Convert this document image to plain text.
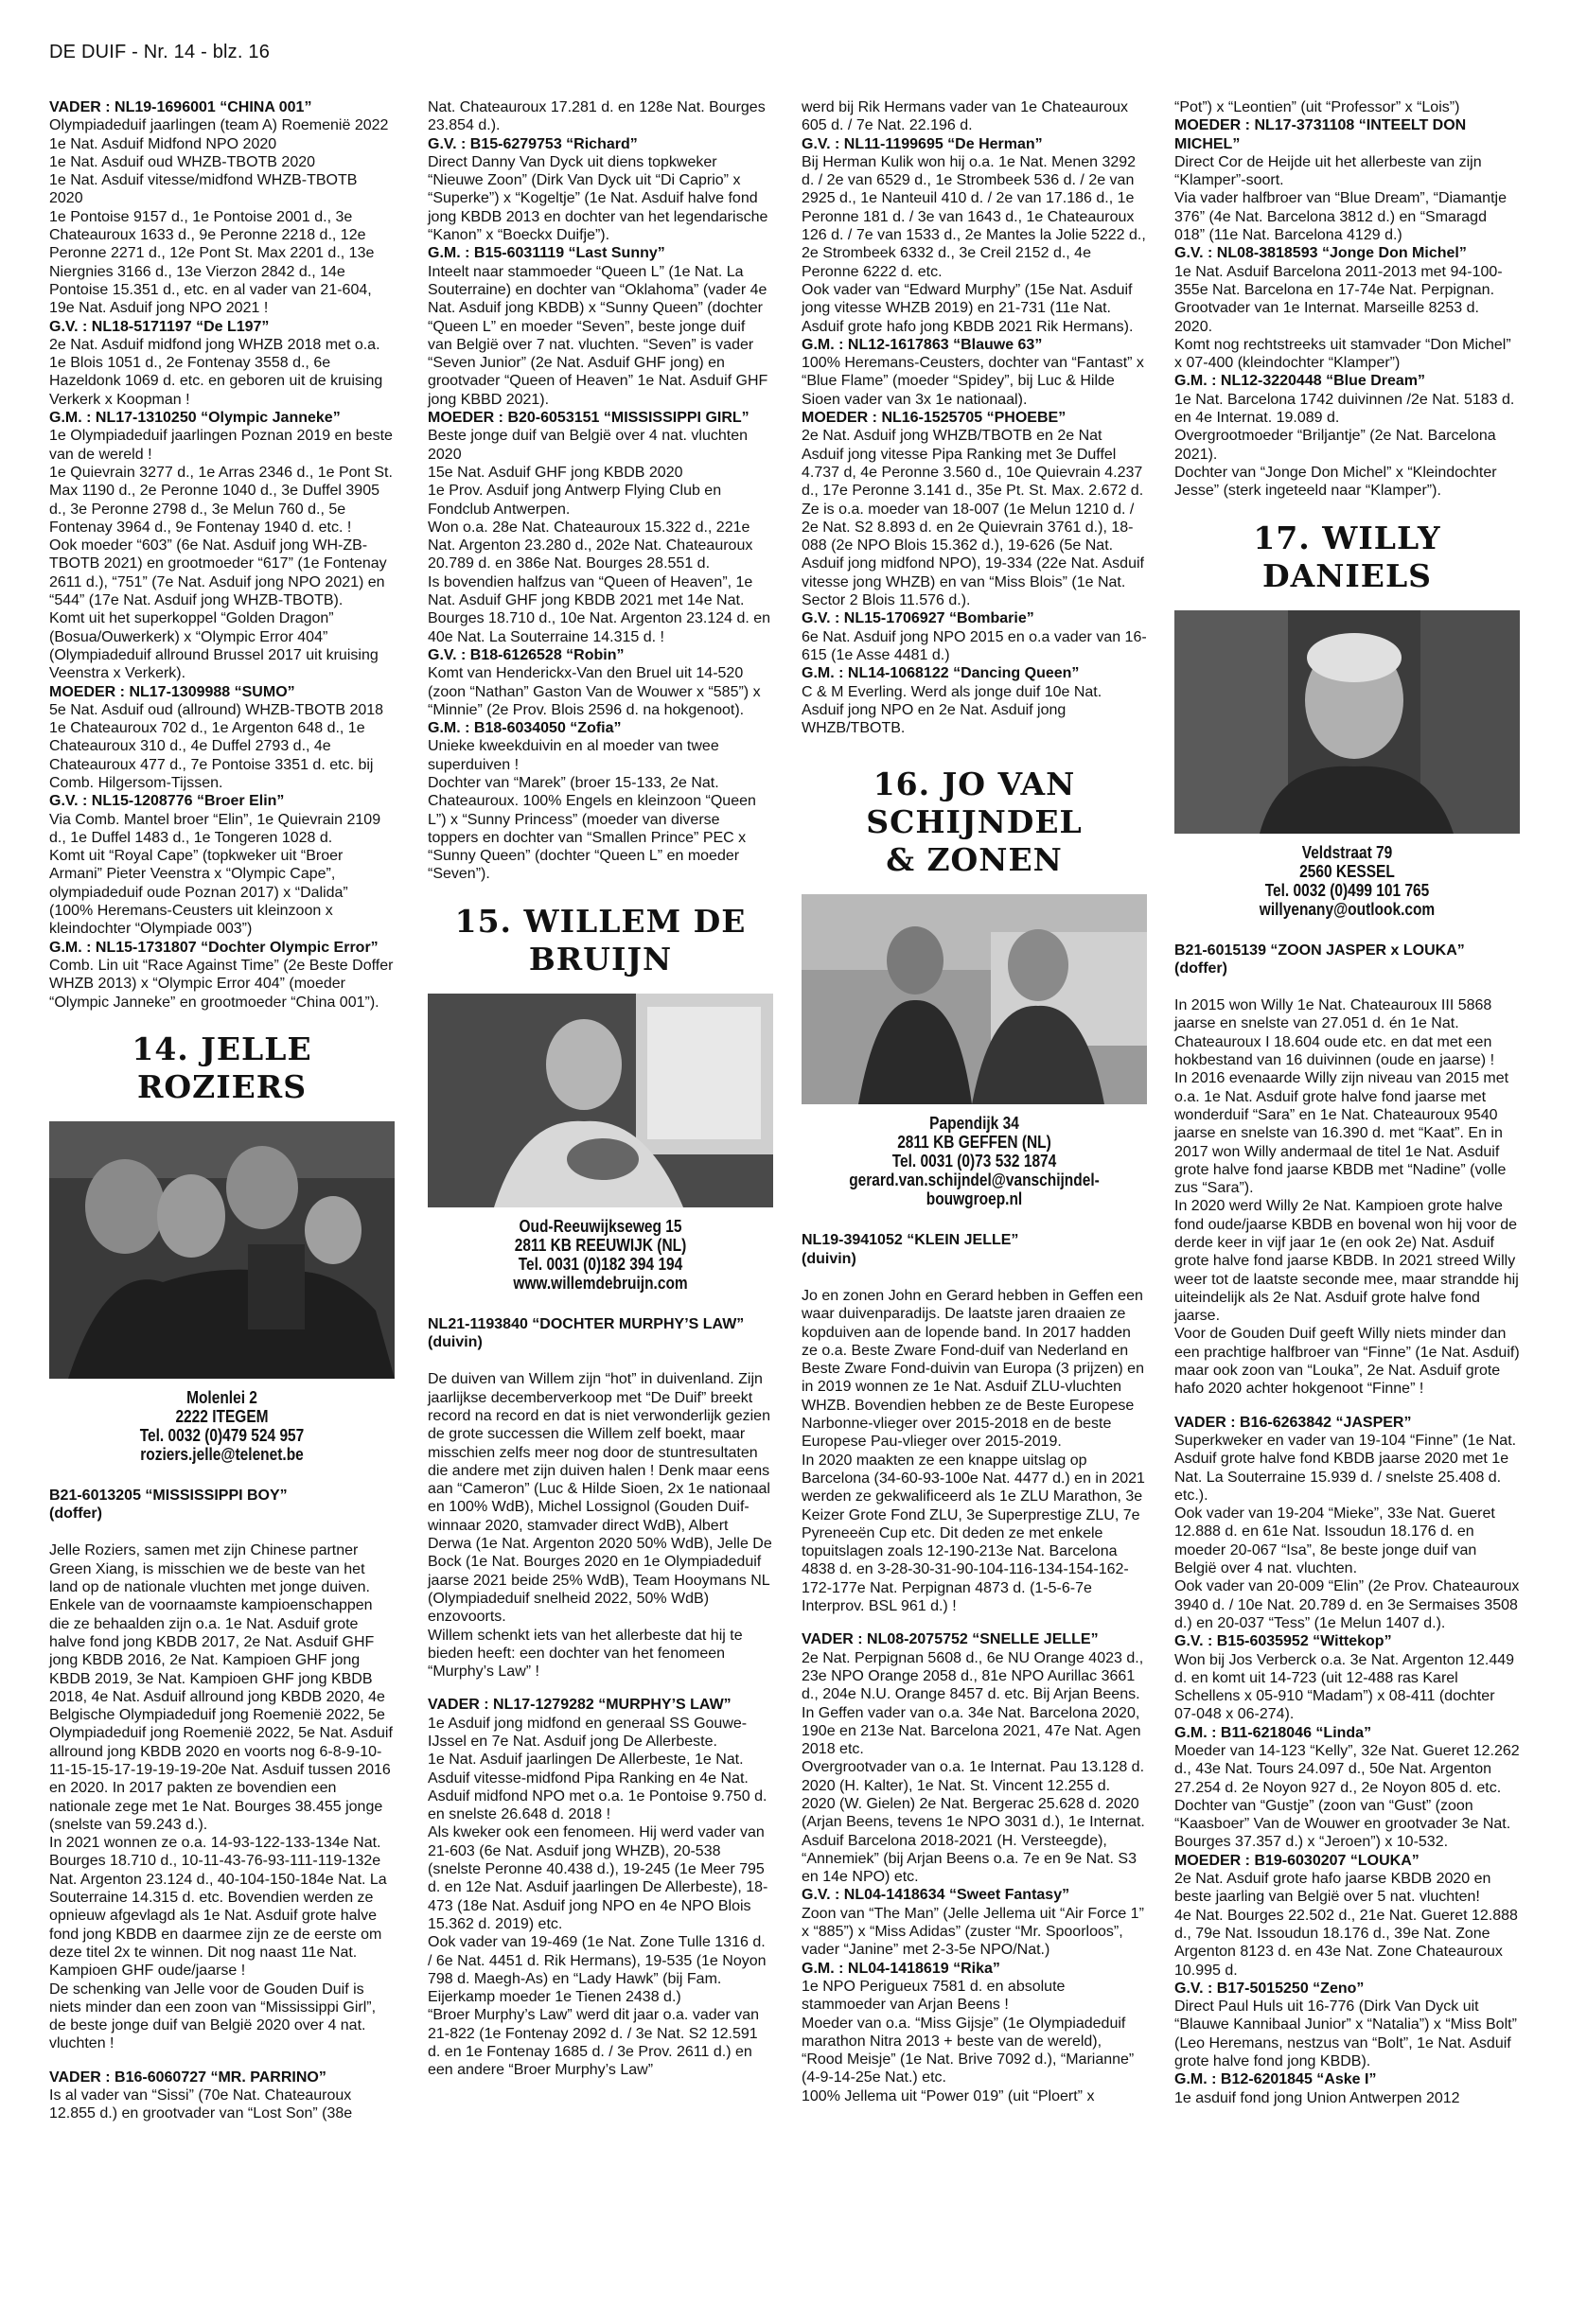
DE DUIF - Nr. 14 - blz. 16

VADER : NL19-1696001 “CHINA 001”

Olympiadeduif jaarlingen (team A) Roemenië 2022
1e Nat. Asduif Midfond NPO 2020
1e Nat. Asduif oud WHZB-TBOTB 2020
1e Nat. Asduif vitesse/midfond WHZB-TBOTB 2020
1e Pontoise 9157 d., 1e Pontoise 2001 d., 3e Chateauroux 1633 d., 9e Peronne 2218 d., 12e Peronne 2271 d., 12e Pont St. Max 2201 d., 13e Niergnies 3166 d., 13e Vierzon 2842 d., 14e Pontoise 15.351 d., etc. en al vader van 21-604, 19e Nat. Asduif jong NPO 2021 !

G.V. : NL18-5171197 “De L197”

2e Nat. Asduif midfond jong WHZB 2018 met o.a. 1e Blois 1051 d., 2e Fontenay 3558 d., 6e Hazeldonk 1069 d. etc. en geboren uit de kruising Verkerk x Koopman !

G.M. : NL17-1310250 “Olympic Janneke”

1e Olympiadeduif jaarlingen Poznan 2019 en beste van de wereld !
1e Quievrain 3277 d., 1e Arras 2346 d., 1e Pont St. Max 1190 d., 2e Peronne 1040 d., 3e Duffel 3905 d., 3e Peronne 2798 d., 3e Melun 760 d., 5e Fontenay 3964 d., 9e Fontenay 1940 d. etc. !
Ook moeder “603” (6e Nat. Asduif jong WH-ZB-TBOTB 2021) en grootmoeder “617” (1e Fontenay 2611 d.), “751” (7e Nat. Asduif jong NPO 2021) en “544” (17e Nat. Asduif jong WHZB-TBOTB).
Komt uit het superkoppel “Golden Dragon” (Bosua/Ouwerkerk) x “Olympic Error 404” (Olympiadeduif allround Brussel 2017 uit kruising Veenstra x Verkerk).

MOEDER : NL17-1309988 “SUMO”

5e Nat. Asduif oud (allround) WHZB-TBOTB 2018
1e Chateauroux 702 d., 1e Argenton 648 d., 1e Chateauroux 310 d., 4e Duffel 2793 d., 4e Chateauroux 477 d., 7e Pontoise 3351 d. etc. bij Comb. Hilgersom-Tijssen.

G.V. : NL15-1208776 “Broer Elin”

Via Comb. Mantel broer “Elin”, 1e Quievrain 2109 d., 1e Duffel 1483 d., 1e Tongeren 1028 d.
Komt uit “Royal Cape” (topkweker uit “Broer Armani” Pieter Veenstra x “Olympic Cape”, olympiadeduif oude Poznan 2017) x “Dalida” (100% Heremans-Ceusters uit kleinzoon x kleindochter “Olympiade 003”)

G.M. : NL15-1731807 “Dochter Olympic Error”

Comb. Lin uit “Race Against Time” (2e Beste Doffer WHZB 2013) x “Olympic Error 404” (moeder “Olympic Janneke” en grootmoeder “China 001”).

14. JELLE ROZIERS
Molenlei 2
2222 ITEGEM
Tel. 0032 (0)479 524 957
roziers.jelle@telenet.be

B21-6013205 “MISSISSIPPI BOY”

(doffer)

Jelle Roziers, samen met zijn Chinese partner Green Xiang, is misschien we de beste van het land op de nationale vluchten met jonge duiven. Enkele van de voornaamste kampioenschappen die ze behaalden zijn o.a. 1e Nat. Asduif grote halve fond jong KBDB 2017, 2e Nat. Asduif GHF jong KBDB 2016, 2e Nat. Kampioen GHF jong KBDB 2019, 3e Nat. Kampioen GHF jong KBDB 2018, 4e Nat. Asduif allround jong KBDB 2020, 4e Belgische Olympiadeduif jong Roemenië 2022, 5e Olympiadeduif jong Roemenië 2022, 5e Nat. Asduif allround jong KBDB 2020 en voorts nog 6-8-9-10-11-15-15-17-19-19-19-20e Nat. Asduif tussen 2016 en 2020. In 2017 pakten ze bovendien een nationale zege met 1e Nat. Bourges 38.455 jonge (snelste van 59.243 d.).
In 2021 wonnen ze o.a. 14-93-122-133-134e Nat. Bourges 18.710 d., 10-11-43-76-93-111-119-132e Nat. Argenton 23.124 d., 40-104-150-184e Nat. La Souterraine 14.315 d. etc. Bovendien werden ze opnieuw afgevlagd als 1e Nat. Asduif grote halve fond jong KBDB en daarmee zijn ze de eerste om deze titel 2x te winnen. Dit nog naast 11e Nat. Kampioen GHF oude/jaarse !
De schenking van Jelle voor de Gouden Duif is niets minder dan een zoon van “Mississippi Girl”, de beste jonge duif van België 2020 over 4 nat. vluchten !

VADER : B16-6060727 “MR. PARRINO”

Is al vader van “Sissi” (70e Nat. Chateauroux 12.855 d.) en grootvader van “Lost Son” (38e

Nat. Chateauroux 17.281 d. en 128e Nat. Bourges 23.854 d.).

G.V. : B15-6279753 “Richard”

Direct Danny Van Dyck uit diens topkweker “Nieuwe Zoon” (Dirk Van Dyck uit “Di Caprio” x “Superke”) x “Kogeltje” (1e Nat. Asduif halve fond jong KBDB 2013 en dochter van het legendarische “Kanon” x “Boeckx Duifje”).

G.M. : B15-6031119 “Last Sunny”

Inteelt naar stammoeder “Queen L” (1e Nat. La Souterraine) en dochter van “Oklahoma” (vader 4e Nat. Asduif jong KBDB) x “Sunny Queen” (dochter “Queen L” en moeder “Seven”, beste jonge duif van België over 7 nat. vluchten. “Seven” is vader “Seven Junior” (2e Nat. Asduif GHF jong) en grootvader “Queen of Heaven” 1e Nat. Asduif GHF jong KBBD 2021).

MOEDER : B20-6053151 “MISSISSIPPI GIRL”

Beste jonge duif van België over 4 nat. vluchten 2020
15e Nat. Asduif GHF jong KBDB 2020
1e Prov. Asduif jong Antwerp Flying Club en Fondclub Antwerpen.
Won o.a. 28e Nat. Chateauroux 15.322 d., 221e Nat. Argenton 23.280 d., 202e Nat. Chateauroux 20.789 d. en 386e Nat. Bourges 28.551 d.
Is bovendien halfzus van “Queen of Heaven”, 1e Nat. Asduif GHF jong KBDB 2021 met 14e Nat. Bourges 18.710 d., 10e Nat. Argenton 23.124 d. en 40e Nat. La Souterraine 14.315 d. !

G.V. : B18-6126528 “Robin”

Komt van Henderickx-Van den Bruel uit 14-520 (zoon “Nathan” Gaston Van de Wouwer x “585”) x “Minnie” (2e Prov. Blois 2596 d. na hokgenoot).

G.M. : B18-6034050 “Zofia”

Unieke kweekduivin en al moeder van twee superduiven !
Dochter van “Marek” (broer 15-133, 2e Nat. Chateauroux. 100% Engels en kleinzoon “Queen L”) x “Sunny Princess” (moeder van diverse toppers en dochter van “Smallen Prince” PEC x “Sunny Queen” (dochter “Queen L” en moeder “Seven”).

15. WILLEM DE BRUIJN
Oud-Reeuwijkseweg 15
2811 KB REEUWIJK (NL)
Tel. 0031 (0)182 394 194
www.willemdebruijn.com

NL21-1193840 “DOCHTER MURPHY’S LAW”

(duivin)

De duiven van Willem zijn “hot” in duivenland. Zijn jaarlijkse decemberverkoop met “De Duif” breekt record na record en dat is niet verwonderlijk gezien de grote successen die Willem zelf boekt, maar misschien zelfs meer nog door de stuntresultaten die andere met zijn duiven halen ! Denk maar eens aan “Cameron” (Luc & Hilde Sioen, 2x 1e nationaal en 100% WdB), Michel Lossignol (Gouden Duif-winnaar 2020, stamvader direct WdB), Albert Derwa (1e Nat. Argenton 2020 50% WdB), Jelle De Bock (1e Nat. Bourges 2020 en 1e Olympiadeduif jaarse 2021 beide 25% WdB), Team Hooymans NL (Olympiadeduif snelheid 2022, 50% WdB) enzovoorts.
Willem schenkt iets van het allerbeste dat hij te bieden heeft: een dochter van het fenomeen “Murphy’s Law” !

VADER : NL17-1279282 “MURPHY’S LAW”

1e Asduif jong midfond en generaal SS Gouwe-IJssel en 7e Nat. Asduif jong De Allerbeste.
1e Nat. Asduif jaarlingen De Allerbeste, 1e Nat. Asduif vitesse-midfond Pipa Ranking en 4e Nat. Asduif midfond NPO met o.a. 1e Pontoise 9.750 d. en snelste 26.648 d. 2018 !
Als kweker ook een fenomeen. Hij werd vader van 21-603 (6e Nat. Asduif jong WHZB), 20-538 (snelste Peronne 40.438 d.), 19-245 (1e Meer 795 d. en 12e Nat. Asduif jaarlingen De Allerbeste), 18-473 (18e Nat. Asduif jong NPO en 4e NPO Blois 15.362 d. 2019) etc.
Ook vader van 19-469 (1e Nat. Zone Tulle 1316 d. / 6e Nat. 4451 d. Rik Hermans), 19-535 (1e Noyon 798 d. Maegh-As) en “Lady Hawk” (bij Fam. Eijerkamp moeder 1e Tienen 2438 d.)
“Broer Murphy’s Law” werd dit jaar o.a. vader van 21-822 (1e Fontenay 2092 d. / 3e Nat. S2 12.591 d. en 1e Fontenay 1685 d. / 3e Prov. 2611 d.) en een andere “Broer Murphy’s Law”

werd bij Rik Hermans vader van 1e Chateauroux 605 d. / 7e Nat. 22.196 d.

G.V. : NL11-1199695 “De Herman”

Bij Herman Kulik won hij o.a. 1e Nat. Menen 3292 d. / 2e van 6529 d., 1e Strombeek 536 d. / 2e van 2925 d., 1e Nanteuil 410 d. / 2e van 17.186 d., 1e Peronne 181 d. / 3e van 1643 d., 1e Chateauroux 126 d. / 7e van 1533 d., 2e Mantes la Jolie 5222 d., 2e Strombeek 6332 d., 3e Creil 2152 d., 4e Peronne 6222 d. etc.
Ook vader van “Edward Murphy” (15e Nat. Asduif jong vitesse WHZB 2019) en 21-731 (11e Nat. Asduif grote hafo jong KBDB 2021 Rik Hermans).

G.M. : NL12-1617863 “Blauwe 63”

100% Heremans-Ceusters, dochter van “Fantast” x “Blue Flame” (moeder “Spidey”, bij Luc & Hilde Sioen vader van 3x 1e nationaal).

MOEDER : NL16-1525705 “PHOEBE”

2e Nat. Asduif jong WHZB/TBOTB en 2e Nat Asduif jong vitesse Pipa Ranking met 3e Duffel 4.737 d, 4e Peronne 3.560 d., 10e Quievrain 4.237 d., 17e Peronne 3.141 d., 35e Pt. St. Max. 2.672 d.
Ze is o.a. moeder van 18-007 (1e Melun 1210 d. / 2e Nat. S2 8.893 d. en 2e Quievrain 3761 d.), 18-088 (2e NPO Blois 15.362 d.), 19-626 (5e Nat. Asduif jong midfond NPO), 19-334 (22e Nat. Asduif vitesse jong WHZB) en van “Miss Blois” (1e Nat. Sector 2 Blois 11.576 d.).

G.V. : NL15-1706927 “Bombarie”

6e Nat. Asduif jong NPO 2015 en o.a vader van 16-615 (1e Asse 4481 d.)

G.M. : NL14-1068122 “Dancing Queen”

C & M Everling. Werd als jonge duif 10e Nat. Asduif jong NPO en 2e Nat. Asduif jong WHZB/TBOTB.

16. JO VAN SCHIJNDEL
& ZONEN
Papendijk 34
2811 KB GEFFEN (NL)
Tel. 0031 (0)73 532 1874
gerard.van.schijndel@vanschijndel-
bouwgroep.nl

NL19-3941052 “KLEIN JELLE”

(duivin)

Jo en zonen John en Gerard hebben in Geffen een waar duivenparadijs. De laatste jaren draaien ze kopduiven aan de lopende band. In 2017 hadden ze o.a. Beste Zware Fond-duif van Nederland en Beste Zware Fond-duivin van Europa (3 prijzen) en in 2019 wonnen ze 1e Nat. Asduif ZLU-vluchten WHZB. Bovendien hebben ze de Beste Europese Narbonne-vlieger over 2015-2018 en de beste Europese Pau-vlieger over 2015-2019.
In 2020 maakten ze een knappe uitslag op Barcelona (34-60-93-100e Nat. 4477 d.) en in 2021 werden ze gekwalificeerd als 1e ZLU Marathon, 3e Keizer Grote Fond ZLU, 3e Superprestige ZLU, 7e Pyreneeën Cup etc. Dit deden ze met enkele topuitslagen zoals 12-190-213e Nat. Barcelona 4838 d. en 3-28-30-31-90-104-116-134-154-162-172-177e Nat. Perpignan 4873 d. (1-5-6-7e Interprov. BSL 961 d.) !

VADER : NL08-2075752 “SNELLE JELLE”

2e Nat. Perpignan 5608 d., 6e NU Orange 4023 d., 23e NPO Orange 2058 d., 81e NPO Aurillac 3661 d., 204e N.U. Orange 8457 d. etc. Bij Arjan Beens.
In Geffen vader van o.a. 34e Nat. Barcelona 2020, 190e en 213e Nat. Barcelona 2021, 47e Nat. Agen 2018 etc.
Overgrootvader van o.a. 1e Internat. Pau 13.128 d. 2020 (H. Kalter), 1e Nat. St. Vincent 12.255 d. 2020 (W. Gielen) 2e Nat. Bergerac 25.628 d. 2020 (Arjan Beens, tevens 1e NPO 3031 d.), 1e Internat. Asduif Barcelona 2018-2021 (H. Versteegde), “Annemiek” (bij Arjan Beens o.a. 7e en 9e Nat. S3 en 14e NPO) etc.

G.V. : NL04-1418634 “Sweet Fantasy”

Zoon van “The Man” (Jelle Jellema uit “Air Force 1” x “885”) x “Miss Adidas” (zuster “Mr. Spoorloos”, vader “Janine” met 2-3-5e NPO/Nat.)

G.M. : NL04-1418619 “Rika”

1e NPO Perigueux 7581 d. en absolute stammoeder van Arjan Beens !
Moeder van o.a. “Miss Gijsje” (1e Olympiadeduif marathon Nitra 2013 + beste van de wereld), “Rood Meisje” (1e Nat. Brive 7092 d.), “Marianne” (4-9-14-25e Nat.) etc.
100% Jellema uit “Power 019” (uit “Ploert” x

“Pot”) x “Leontien” (uit “Professor” x “Lois”)

MOEDER : NL17-3731108 “INTEELT DON MICHEL”

Direct Cor de Heijde uit het allerbeste van zijn “Klamper”-soort.
Via vader halfbroer van “Blue Dream”, “Diamantje 376” (4e Nat. Barcelona 3812 d.) en “Smaragd 018” (11e Nat. Barcelona 4129 d.)

G.V. : NL08-3818593 “Jonge Don Michel”

1e Nat. Asduif Barcelona 2011-2013 met 94-100-355e Nat. Barcelona en 17-74e Nat. Perpignan.
Grootvader van 1e Internat. Marseille 8253 d. 2020.
Komt nog rechtstreeks uit stamvader “Don Michel” x 07-400 (kleindochter “Klamper”)

G.M. : NL12-3220448 “Blue Dream”

1e Nat. Barcelona 1742 duivinnen /2e Nat. 5183 d. en 4e Internat. 19.089 d.
Overgrootmoeder “Briljantje” (2e Nat. Barcelona 2021).
Dochter van “Jonge Don Michel” x “Kleindochter Jesse” (sterk ingeteeld naar “Klamper”).

17. WILLY DANIELS
Veldstraat 79
2560 KESSEL
Tel. 0032 (0)499 101 765
willyenany@outlook.com

B21-6015139 “ZOON JASPER x LOUKA”

(doffer)

In 2015 won Willy 1e Nat. Chateauroux III 5868 jaarse en snelste van 27.051 d. én 1e Nat. Chateauroux I 18.604 oude etc. en dat met een hokbestand van 16 duivinnen (oude en jaarse) !
In 2016 evenaarde Willy zijn niveau van 2015 met o.a. 1e Nat. Asduif grote halve fond jaarse met wonderduif “Sara” en 1e Nat. Chateauroux 9540 jaarse en snelste van 16.390 d. met “Kaat”. En in 2017 won Willy andermaal de titel 1e Nat. Asduif grote halve fond jaarse KBDB met “Nadine” (volle zus “Sara”).
In 2020 werd Willy 2e Nat. Kampioen grote halve fond oude/jaarse KBDB en bovenal won hij voor de derde keer in vijf jaar 1e (en ook 2e) Nat. Asduif grote halve fond jaarse KBDB. In 2021 streed Willy weer tot de laatste seconde mee, maar strandde hij uiteindelijk als 2e Nat. Asduif grote halve fond jaarse.
Voor de Gouden Duif geeft Willy niets minder dan een prachtige halfbroer van “Finne” (1e Nat. Asduif) maar ook zoon van “Louka”, 2e Nat. Asduif grote hafo 2020 achter hokgenoot “Finne” !

VADER : B16-6263842 “JASPER”

Superkweker en vader van 19-104 “Finne” (1e Nat. Asduif grote halve fond KBDB jaarse 2020 met 1e Nat. La Souterraine 15.939 d. / snelste 25.408 d. etc.).
Ook vader van 19-204 “Mieke”, 33e Nat. Gueret 12.888 d. en 61e Nat. Issoudun 18.176 d. en moeder 20-067 “Isa”, 8e beste jonge duif van België over 4 nat. vluchten.
Ook vader van 20-009 “Elin” (2e Prov. Chateauroux 3940 d. / 10e Nat. 20.789 d. en 3e Sermaises 3508 d.) en 20-037 “Tess” (1e Melun 1407 d.).

G.V. : B15-6035952 “Wittekop”

Won bij Jos Verberck o.a. 3e Nat. Argenton 12.449 d. en komt uit 14-723 (uit 12-488 ras Karel Schellens x 05-910 “Madam”) x 08-411 (dochter 07-048 x 06-274).

G.M. : B11-6218046 “Linda”

Moeder van 14-123 “Kelly”, 32e Nat. Gueret 12.262 d., 43e Nat. Tours 24.097 d., 50e Nat. Argenton 27.254 d. 2e Noyon 927 d., 2e Noyon 805 d. etc.
Dochter van “Gustje” (zoon van “Gust” (zoon “Kaasboer” Van de Wouwer en grootvader 3e Nat. Bourges 37.357 d.) x “Jeroen”) x 10-532.

MOEDER : B19-6030207 “LOUKA”

2e Nat. Asduif grote hafo jaarse KBDB 2020 en beste jaarling van België over 5 nat. vluchten!
4e Nat. Bourges 22.502 d., 21e Nat. Gueret 12.888 d., 79e Nat. Issoudun 18.176 d., 39e Nat. Zone Argenton 8123 d. en 43e Nat. Zone Chateauroux 10.995 d.

G.V. : B17-5015250 “Zeno”

Direct Paul Huls uit 16-776 (Dirk Van Dyck uit “Blauwe Kannibaal Junior” x “Natalia”) x “Miss Bolt” (Leo Heremans, nestzus van “Bolt”, 1e Nat. Asduif grote halve fond jong KBDB).

G.M. : B12-6201845 “Aske I”

1e asduif fond jong Union Antwerpen 2012
